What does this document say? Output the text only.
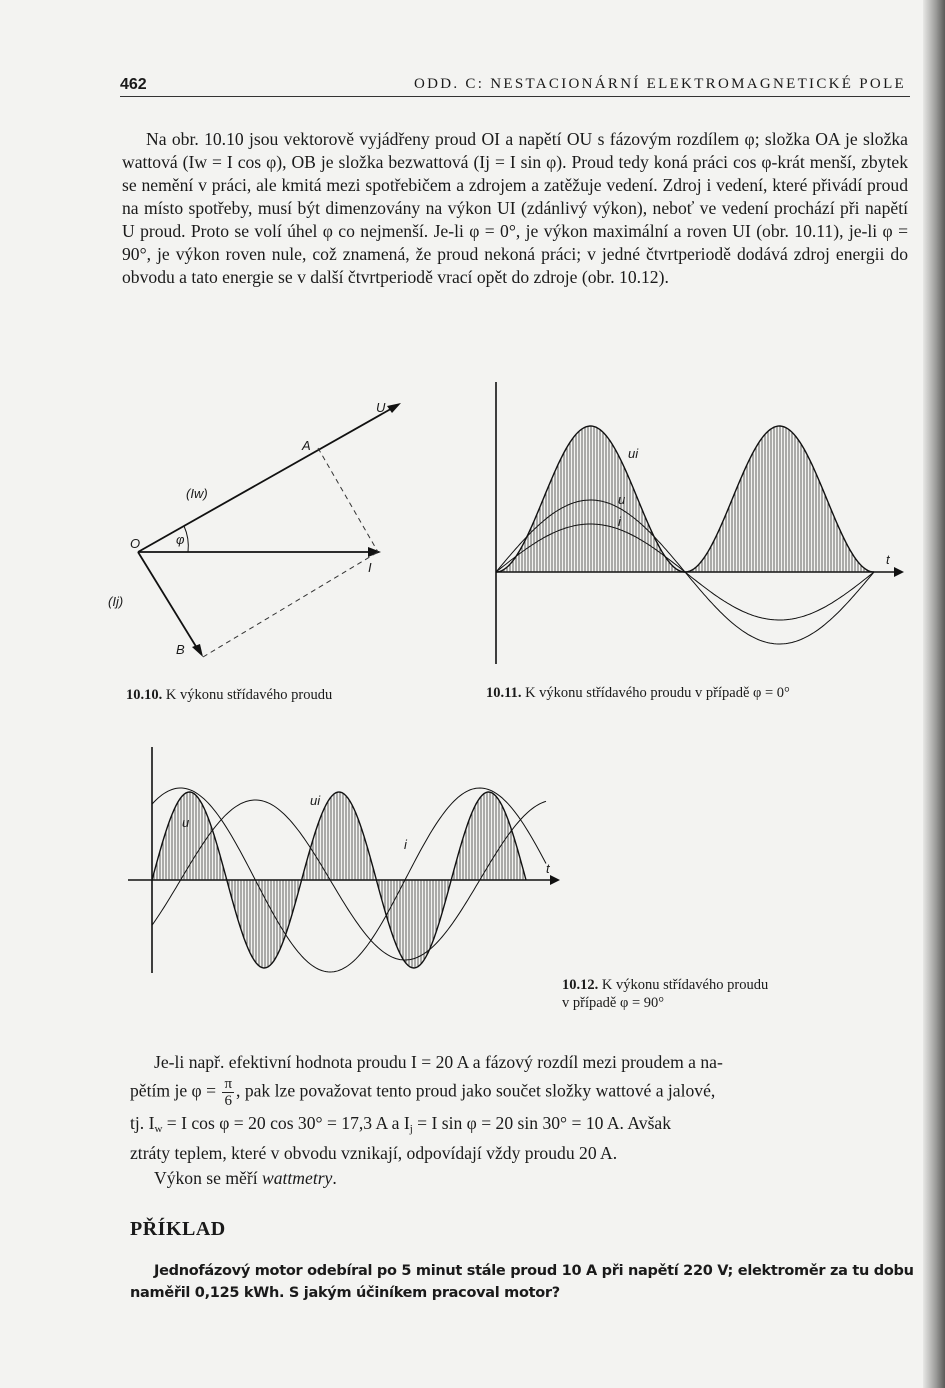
462	ODD. C: NESTACIONÁRNÍ ELEKTROMAGNETICKÉ POLE

Na obr. 10.10 jsou vektorově vyjádřeny proud OI a napětí OU s fázovým rozdílem φ; složka OA je složka wattová (Iw = I cos φ), OB je složka bezwattová (Ij = I sin φ). Proud tedy koná práci cos φ-krát menší, zbytek se nemění v práci, ale kmitá mezi spotřebičem a zdrojem a zatěžuje vedení. Zdroj i vedení, které přivádí proud na místo spotřeby, musí být dimenzovány na výkon UI (zdánlivý výkon), neboť ve vedení prochází při napětí U proud. Proto se volí úhel φ co nejmenší. Je-li φ = 0°, je výkon maximální a roven UI (obr. 10.11), je-li φ = 90°, je výkon roven nule, což znamená, že proud nekoná práci; v jedné čtvrtperiodě dodává zdroj energii do obvodu a tato energie se v další čtvrtperiodě vrací opět do zdroje (obr. 10.12).

U
A
(Iw)
O	φ
I
(Ij)
B
10.10. K výkonu střídavého proudu
ui
u
i
t
10.11. K výkonu střídavého proudu v případě φ = 0°
ui
u
i
t
10.12. K výkonu střídavého proudu
v případě φ = 90°

Je-li např. efektivní hodnota proudu I = 20 A a fázový rozdíl mezi proudem a na-

pětím je $\varphi = \frac{\pi}{6}$ , pak lze považovat tento proud jako součet složky wattové a jalové,

tj. $I_w = I$ cos φ = 20 cos 30° = 17,3 A a $I_j = I$ sin φ = 20 sin 30° = 10 A. Avšak

ztráty teplem, které v obvodu vznikají, odpovídají vždy proudu 20 A.

Výkon se měří wattmetry.

PŘÍKLAD
Jednofázový motor odebíral po 5 minut stále proud 10 A při napětí 220 V; elektroměr za tu dobu naměřil 0,125 kWh. S jakým účiníkem pracoval motor?
